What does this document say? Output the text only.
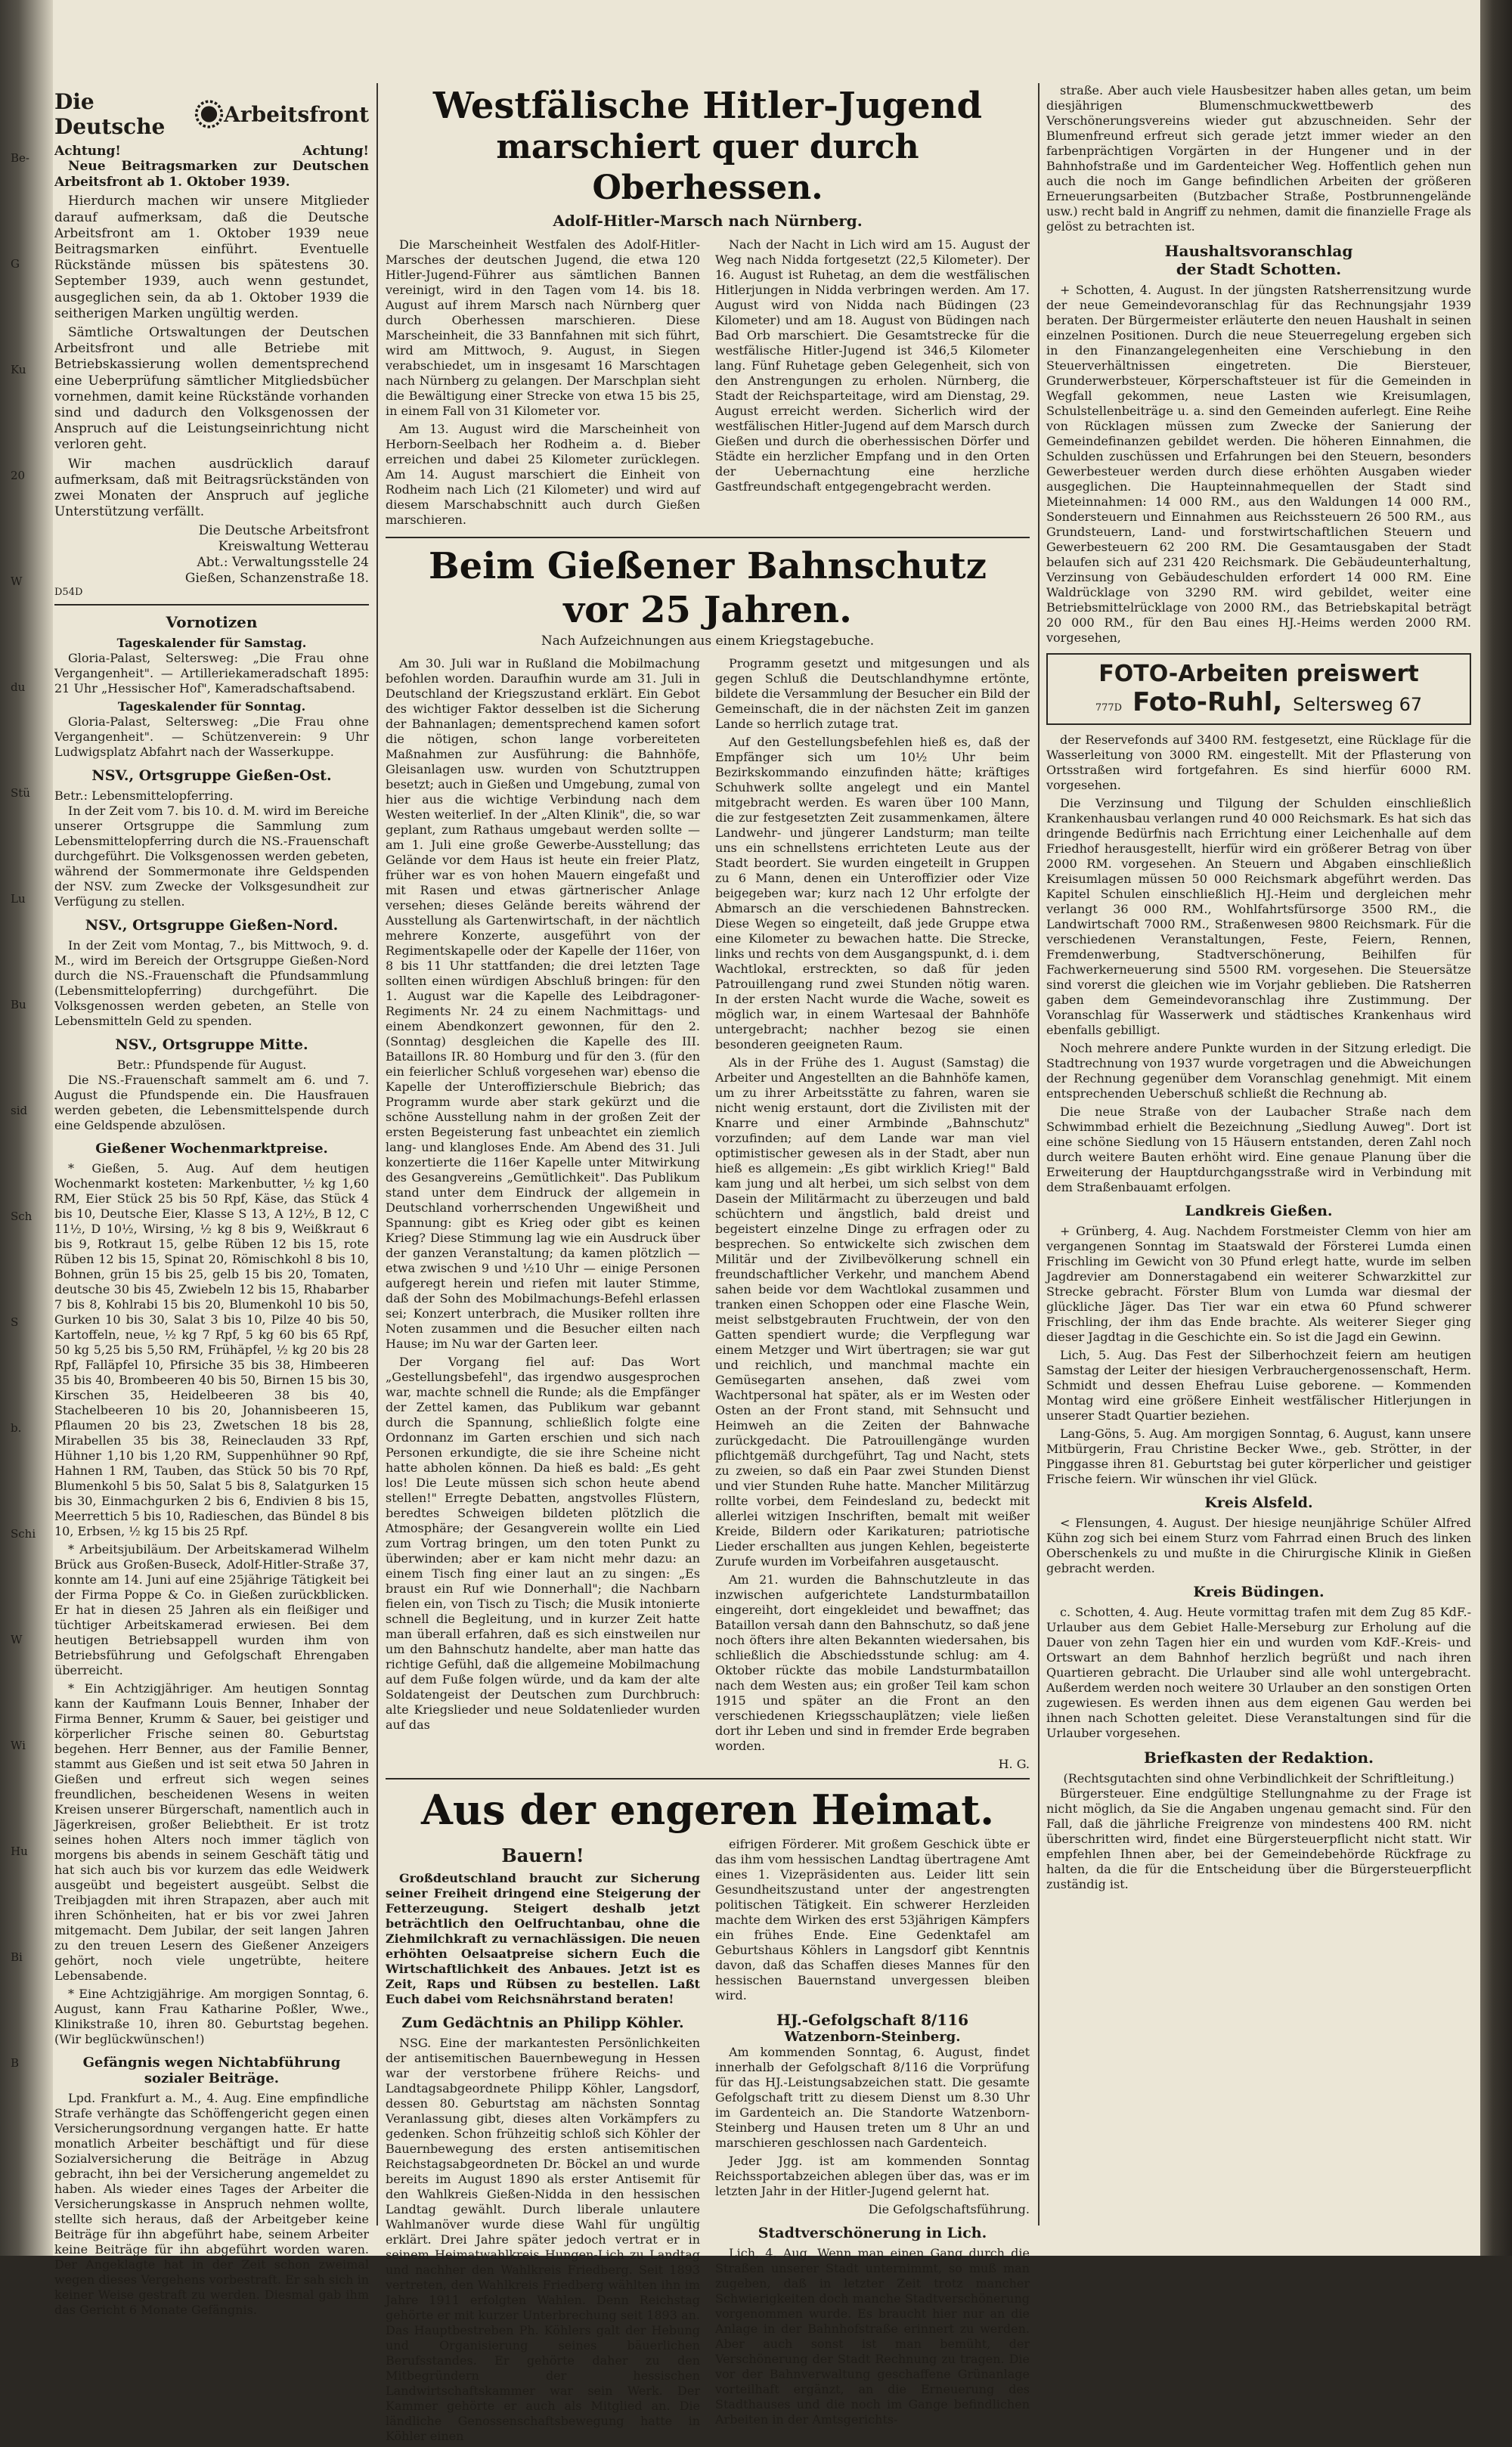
Die Deutsche	Arbeitsfront
Achtung!	Achtung!

Neue Beitragsmarken zur Deutschen Arbeitsfront ab 1. Oktober 1939.

Hierdurch machen wir unsere Mitglieder darauf aufmerksam, daß die Deutsche Arbeitsfront am 1. Oktober 1939 neue Beitragsmarken einführt. Eventuelle Rückstände müssen bis spätestens 30. September 1939, auch wenn gestundet, ausgeglichen sein, da ab 1. Oktober 1939 die seitherigen Marken ungültig werden.

Sämtliche Ortswaltungen der Deutschen Arbeitsfront und alle Betriebe mit Betriebskassierung wollen dementsprechend eine Ueberprüfung sämtlicher Mitgliedsbücher vornehmen, damit keine Rückstände vorhanden sind und dadurch den Volksgenossen der Anspruch auf die Leistungseinrichtung nicht verloren geht.

Wir machen ausdrücklich darauf aufmerksam, daß mit Beitragsrückständen von zwei Monaten der Anspruch auf jegliche Unterstützung verfällt.

Die Deutsche Arbeitsfront
Kreiswaltung Wetterau
Abt.: Verwaltungsstelle 24
Gießen, Schanzenstraße 18.
D54D
Vornotizen
Tageskalender für Samstag.

Gloria-Palast, Seltersweg: „Die Frau ohne Vergangenheit". — Artilleriekameradschaft 1895: 21 Uhr „Hessischer Hof", Kameradschaftsabend.

Tageskalender für Sonntag.

Gloria-Palast, Seltersweg: „Die Frau ohne Vergangenheit". — Schützenverein: 9 Uhr Ludwigsplatz Abfahrt nach der Wasserkuppe.

NSV., Ortsgruppe Gießen-Ost.
Betr.: Lebensmittelopferring.

In der Zeit vom 7. bis 10. d. M. wird im Bereiche unserer Ortsgruppe die Sammlung zum Lebensmittelopferring durch die NS.-Frauenschaft durchgeführt. Die Volksgenossen werden gebeten, während der Sommermonate ihre Geldspenden der NSV. zum Zwecke der Volksgesundheit zur Verfügung zu stellen.

NSV., Ortsgruppe Gießen-Nord.

In der Zeit vom Montag, 7., bis Mittwoch, 9. d. M., wird im Bereich der Ortsgruppe Gießen-Nord durch die NS.-Frauenschaft die Pfundsammlung (Lebensmittelopferring) durchgeführt. Die Volksgenossen werden gebeten, an Stelle von Lebensmitteln Geld zu spenden.

NSV., Ortsgruppe Mitte.
Betr.: Pfundspende für August.

Die NS.-Frauenschaft sammelt am 6. und 7. August die Pfundspende ein. Die Hausfrauen werden gebeten, die Lebensmittelspende durch eine Geldspende abzulösen.

Gießener Wochenmarktpreise.

* Gießen, 5. Aug. Auf dem heutigen Wochenmarkt kosteten: Markenbutter, ½ kg 1,60 RM, Eier Stück 25 bis 50 Rpf, Käse, das Stück 4 bis 10, Deutsche Eier, Klasse S 13, A 12½, B 12, C 11½, D 10½, Wirsing, ½ kg 8 bis 9, Weißkraut 6 bis 9, Rotkraut 15, gelbe Rüben 12 bis 15, rote Rüben 12 bis 15, Spinat 20, Römischkohl 8 bis 10, Bohnen, grün 15 bis 25, gelb 15 bis 20, Tomaten, deutsche 30 bis 45, Zwiebeln 12 bis 15, Rhabarber 7 bis 8, Kohlrabi 15 bis 20, Blumenkohl 10 bis 50, Gurken 10 bis 30, Salat 3 bis 10, Pilze 40 bis 50, Kartoffeln, neue, ½ kg 7 Rpf, 5 kg 60 bis 65 Rpf, 50 kg 5,25 bis 5,50 RM, Frühäpfel, ½ kg 20 bis 28 Rpf, Falläpfel 10, Pfirsiche 35 bis 38, Himbeeren 35 bis 40, Brombeeren 40 bis 50, Birnen 15 bis 30, Kirschen 35, Heidelbeeren 38 bis 40, Stachelbeeren 10 bis 20, Johannisbeeren 15, Pflaumen 20 bis 23, Zwetschen 18 bis 28, Mirabellen 35 bis 38, Reineclauden 33 Rpf, Hühner 1,10 bis 1,20 RM, Suppenhühner 90 Rpf, Hahnen 1 RM, Tauben, das Stück 50 bis 70 Rpf, Blumenkohl 5 bis 50, Salat 5 bis 8, Salatgurken 15 bis 30, Einmachgurken 2 bis 6, Endivien 8 bis 15, Meerrettich 5 bis 10, Radieschen, das Bündel 8 bis 10, Erbsen, ½ kg 15 bis 25 Rpf.

* Arbeitsjubiläum. Der Arbeitskamerad Wilhelm Brück aus Großen-Buseck, Adolf-Hitler-Straße 37, konnte am 14. Juni auf eine 25jährige Tätigkeit bei der Firma Poppe & Co. in Gießen zurückblicken. Er hat in diesen 25 Jahren als ein fleißiger und tüchtiger Arbeitskamerad erwiesen. Bei dem heutigen Betriebsappell wurden ihm von Betriebsführung und Gefolgschaft Ehrengaben überreicht.

* Ein Achtzigjähriger. Am heutigen Sonntag kann der Kaufmann Louis Benner, Inhaber der Firma Benner, Krumm & Sauer, bei geistiger und körperlicher Frische seinen 80. Geburtstag begehen. Herr Benner, aus der Familie Benner, stammt aus Gießen und ist seit etwa 50 Jahren in Gießen und erfreut sich wegen seines freundlichen, bescheidenen Wesens in weiten Kreisen unserer Bürgerschaft, namentlich auch in Jägerkreisen, großer Beliebtheit. Er ist trotz seines hohen Alters noch immer täglich von morgens bis abends in seinem Geschäft tätig und hat sich auch bis vor kurzem das edle Weidwerk ausgeübt und begeistert ausgeübt. Selbst die Treibjagden mit ihren Strapazen, aber auch mit ihren Schönheiten, hat er bis vor zwei Jahren mitgemacht. Dem Jubilar, der seit langen Jahren zu den treuen Lesern des Gießener Anzeigers gehört, noch viele ungetrübte, heitere Lebensabende.

* Eine Achtzigjährige. Am morgigen Sonntag, 6. August, kann Frau Katharine Poßler, Wwe., Klinikstraße 10, ihren 80. Geburtstag begehen. (Wir beglückwünschen!)

Gefängnis wegen Nichtabführung sozialer Beiträge.

Lpd. Frankfurt a. M., 4. Aug. Eine empfindliche Strafe verhängte das Schöffengericht gegen einen Versicherungsordnung vergangen hatte. Er hatte monatlich Arbeiter beschäftigt und für diese Sozialversicherung die Beiträge in Abzug gebracht, ihn bei der Versicherung angemeldet zu haben. Als wieder eines Tages der Arbeiter die Versicherungskasse in Anspruch nehmen wollte, stellte sich heraus, daß der Arbeitgeber keine Beiträge für ihn abgeführt habe, seinem Arbeiter keine Beiträge für ihn abgeführt worden waren. Der Angeklagte hat in der Zeit schon zweimal wegen dieses Vergehens vorbestraft. Er sah sich in keiner Weise gestraft zu werden. Diesmal gab ihm das Gericht 6 Monate Gefängnis.

Westfälische Hitler-Jugend
marschiert quer durch Oberhessen.
Adolf-Hitler-Marsch nach Nürnberg.

Die Marscheinheit Westfalen des Adolf-Hitler-Marsches der deutschen Jugend, die etwa 120 Hitler-Jugend-Führer aus sämtlichen Bannen vereinigt, wird in den Tagen vom 14. bis 18. August auf ihrem Marsch nach Nürnberg quer durch Oberhessen marschieren. Diese Marscheinheit, die 33 Bannfahnen mit sich führt, wird am Mittwoch, 9. August, in Siegen verabschiedet, um in insgesamt 16 Marschtagen nach Nürnberg zu gelangen. Der Marschplan sieht die Bewältigung einer Strecke von etwa 15 bis 25, in einem Fall von 31 Kilometer vor.

Am 13. August wird die Marscheinheit von Herborn-Seelbach her Rodheim a. d. Bieber erreichen und dabei 25 Kilometer zurücklegen. Am 14. August marschiert die Einheit von Rodheim nach Lich (21 Kilometer) und wird auf diesem Marschabschnitt auch durch Gießen marschieren.

Nach der Nacht in Lich wird am 15. August der Weg nach Nidda fortgesetzt (22,5 Kilometer). Der 16. August ist Ruhetag, an dem die westfälischen Hitlerjungen in Nidda verbringen werden. Am 17. August wird von Nidda nach Büdingen (23 Kilometer) und am 18. August von Büdingen nach Bad Orb marschiert. Die Gesamtstrecke für die westfälische Hitler-Jugend ist 346,5 Kilometer lang. Fünf Ruhetage geben Gelegenheit, sich von den Anstrengungen zu erholen. Nürnberg, die Stadt der Reichsparteitage, wird am Dienstag, 29. August erreicht werden. Sicherlich wird der westfälischen Hitler-Jugend auf dem Marsch durch Gießen und durch die oberhessischen Dörfer und Städte ein herzlicher Empfang und in den Orten der Uebernachtung eine herzliche Gastfreundschaft entgegengebracht werden.

Beim Gießener Bahnschutz
vor 25 Jahren.
Nach Aufzeichnungen aus einem Kriegstagebuche.

Am 30. Juli war in Rußland die Mobilmachung befohlen worden. Daraufhin wurde am 31. Juli in Deutschland der Kriegszustand erklärt. Ein Gebot des wichtiger Faktor desselben ist die Sicherung der Bahnanlagen; dementsprechend kamen sofort die nötigen, schon lange vorbereiteten Maßnahmen zur Ausführung: die Bahnhöfe, Gleisanlagen usw. wurden von Schutztruppen besetzt; auch in Gießen und Umgebung, zumal von hier aus die wichtige Verbindung nach dem Westen weiterlief. In der „Alten Klinik", die, so war geplant, zum Rathaus umgebaut werden sollte — am 1. Juli eine große Gewerbe-Ausstellung; das Gelände vor dem Haus ist heute ein freier Platz, früher war es von hohen Mauern eingefaßt und mit Rasen und etwas gärtnerischer Anlage versehen; dieses Gelände bereits während der Ausstellung als Gartenwirtschaft, in der nächtlich mehrere Konzerte, ausgeführt von der Regimentskapelle oder der Kapelle der 116er, von 8 bis 11 Uhr stattfanden; die drei letzten Tage sollten einen würdigen Abschluß bringen: für den 1. August war die Kapelle des Leibdragoner-Regiments Nr. 24 zu einem Nachmittags- und einem Abendkonzert gewonnen, für den 2. (Sonntag) desgleichen die Kapelle des III. Bataillons IR. 80 Homburg und für den 3. (für den ein feierlicher Schluß vorgesehen war) ebenso die Kapelle der Unteroffizierschule Biebrich; das Programm wurde aber stark gekürzt und die schöne Ausstellung nahm in der großen Zeit der ersten Begeisterung fast unbeachtet ein ziemlich lang- und klangloses Ende. Am Abend des 31. Juli konzertierte die 116er Kapelle unter Mitwirkung des Gesangvereins „Gemütlichkeit". Das Publikum stand unter dem Eindruck der allgemein in Deutschland vorherrschenden Ungewißheit und Spannung: gibt es Krieg oder gibt es keinen Krieg? Diese Stimmung lag wie ein Ausdruck über der ganzen Veranstaltung; da kamen plötzlich — etwa zwischen 9 und ½10 Uhr — einige Personen aufgeregt herein und riefen mit lauter Stimme, daß der Sohn des Mobilmachungs-Befehl erlassen sei; Konzert unterbrach, die Musiker rollten ihre Noten zusammen und die Besucher eilten nach Hause; im Nu war der Garten leer.

Der Vorgang fiel auf: Das Wort „Gestellungsbefehl", das irgendwo ausgesprochen war, machte schnell die Runde; als die Empfänger der Zettel kamen, das Publikum war gebannt durch die Spannung, schließlich folgte eine Ordonnanz im Garten erschien und sich nach Personen erkundigte, die sie ihre Scheine nicht hatte abholen können. Da hieß es bald: „Es geht los! Die Leute müssen sich schon heute abend stellen!" Erregte Debatten, angstvolles Flüstern, beredtes Schweigen bildeten plötzlich die Atmosphäre; der Gesangverein wollte ein Lied zum Vortrag bringen, um den toten Punkt zu überwinden; aber er kam nicht mehr dazu: an einem Tisch fing einer laut an zu singen: „Es braust ein Ruf wie Donnerhall"; die Nachbarn fielen ein, von Tisch zu Tisch; die Musik intonierte schnell die Begleitung, und in kurzer Zeit hatte man überall erfahren, daß es sich einstweilen nur um den Bahnschutz handelte, aber man hatte das richtige Gefühl, daß die allgemeine Mobilmachung auf dem Fuße folgen würde, und da kam der alte Soldatengeist der Deutschen zum Durchbruch: alte Kriegslieder und neue Soldatenlieder wurden auf das

Programm gesetzt und mitgesungen und als gegen Schluß die Deutschlandhymne ertönte, bildete die Versammlung der Besucher ein Bild der Gemeinschaft, die in der nächsten Zeit im ganzen Lande so herrlich zutage trat.

Auf den Gestellungsbefehlen hieß es, daß der Empfänger sich um 10½ Uhr beim Bezirkskommando einzufinden hätte; kräftiges Schuhwerk sollte angelegt und ein Mantel mitgebracht werden. Es waren über 100 Mann, die zur festgesetzten Zeit zusammenkamen, ältere Landwehr- und jüngerer Landsturm; man teilte uns ein schnellstens errichteten Leute aus der Stadt beordert. Sie wurden eingeteilt in Gruppen zu 6 Mann, denen ein Unteroffizier oder Vize beigegeben war; kurz nach 12 Uhr erfolgte der Abmarsch an die verschiedenen Bahnstrecken. Diese Wegen so eingeteilt, daß jede Gruppe etwa eine Kilometer zu bewachen hatte. Die Strecke, links und rechts von dem Ausgangspunkt, d. i. dem Wachtlokal, erstreckten, so daß für jeden Patrouillengang rund zwei Stunden nötig waren. In der ersten Nacht wurde die Wache, soweit es möglich war, in einem Wartesaal der Bahnhöfe untergebracht; nachher bezog sie einen besonderen geeigneten Raum.

Als in der Frühe des 1. August (Samstag) die Arbeiter und Angestellten an die Bahnhöfe kamen, um zu ihrer Arbeitsstätte zu fahren, waren sie nicht wenig erstaunt, dort die Zivilisten mit der Knarre und einer Armbinde „Bahnschutz" vorzufinden; auf dem Lande war man viel optimistischer gewesen als in der Stadt, aber nun hieß es allgemein: „Es gibt wirklich Krieg!" Bald kam jung und alt herbei, um sich selbst von dem Dasein der Militärmacht zu überzeugen und bald schüchtern und ängstlich, bald dreist und begeistert einzelne Dinge zu erfragen oder zu besprechen. So entwickelte sich zwischen dem Militär und der Zivilbevölkerung schnell ein freundschaftlicher Verkehr, und manchem Abend sahen beide vor dem Wachtlokal zusammen und tranken einen Schoppen oder eine Flasche Wein, meist selbstgebrauten Fruchtwein, der von den Gatten spendiert wurde; die Verpflegung war einem Metzger und Wirt übertragen; sie war gut und reichlich, und manchmal machte ein Gemüsegarten ansehen, daß zwei vom Wachtpersonal hat später, als er im Westen oder Osten an der Front stand, mit Sehnsucht und Heimweh an die Zeiten der Bahnwache zurückgedacht. Die Patrouillengänge wurden pflichtgemäß durchgeführt, Tag und Nacht, stets zu zweien, so daß ein Paar zwei Stunden Dienst und vier Stunden Ruhe hatte. Mancher Militärzug rollte vorbei, dem Feindesland zu, bedeckt mit allerlei witzigen Inschriften, bemalt mit weißer Kreide, Bildern oder Karikaturen; patriotische Lieder erschallten aus jungen Kehlen, begeisterte Zurufe wurden im Vorbeifahren ausgetauscht.

Am 21. wurden die Bahnschutzleute in das inzwischen aufgerichtete Landsturmbataillon eingereiht, dort eingekleidet und bewaffnet; das Bataillon versah dann den Bahnschutz, so daß jene noch öfters ihre alten Bekannten wiedersahen, bis schließlich die Abschiedsstunde schlug: am 4. Oktober rückte das mobile Landsturmbataillon nach dem Westen aus; ein großer Teil kam schon 1915 und später an die Front an den verschiedenen Kriegsschauplätzen; viele ließen dort ihr Leben und sind in fremder Erde begraben worden.

H. G.
Aus der engeren Heimat.
Bauern!

Großdeutschland braucht zur Sicherung seiner Freiheit dringend eine Steigerung der Fetterzeugung. Steigert deshalb jetzt beträchtlich den Oelfruchtanbau, ohne die Ziehmilchkraft zu vernachlässigen. Die neuen erhöhten Oelsaatpreise sichern Euch die Wirtschaftlichkeit des Anbaues. Jetzt ist es Zeit, Raps und Rübsen zu bestellen. Laßt Euch dabei vom Reichsnährstand beraten!

Zum Gedächtnis an Philipp Köhler.

NSG. Eine der markantesten Persönlichkeiten der antisemitischen Bauernbewegung in Hessen war der verstorbene frühere Reichs- und Landtagsabgeordnete Philipp Köhler, Langsdorf, dessen 80. Geburtstag am nächsten Sonntag Veranlassung gibt, dieses alten Vorkämpfers zu gedenken. Schon frühzeitig schloß sich Köhler der Bauernbewegung des ersten antisemitischen Reichstagsabgeordneten Dr. Böckel an und wurde bereits im August 1890 als erster Antisemit für den Wahlkreis Gießen-Nidda in den hessischen Landtag gewählt. Durch liberale unlautere Wahlmanöver wurde diese Wahl für ungültig erklärt. Drei Jahre später jedoch vertrat er in seinem Heimatwahlkreis Hungen-Lich zu Landtag und nachher den Wahlkreis Friedberg. Seit 1893 vertreten, den Wahlkreis Friedberg wählten ihn im Jahre 1911 erfolgten Wahlen. Denn Reichstag gehörte er mit kurzer Unterbrechung seit 1893 an. Das Hauptbestreben Ph. Köhlers galt der Hebung und Organisierung seines bäuerlichen Berufsstandes. Er gehörte daher zu den Mitbegründern der hessischen Landwirtschaftskammer war sein Werk. Der Kammer gehörte er auch als Mitglied an. Die ländliche Genossenschaftsbewegung hatte in Köhler einen

eifrigen Förderer. Mit großem Geschick übte er das ihm vom hessischen Landtag übertragene Amt eines 1. Vizepräsidenten aus. Leider litt sein Gesundheitszustand unter der angestrengten politischen Tätigkeit. Ein schwerer Herzleiden machte dem Wirken des erst 53jährigen Kämpfers ein frühes Ende. Eine Gedenktafel am Geburtshaus Köhlers in Langsdorf gibt Kenntnis davon, daß das Schaffen dieses Mannes für den hessischen Bauernstand unvergessen bleiben wird.

HJ.-Gefolgschaft 8/116
Watzenborn-Steinberg.

Am kommenden Sonntag, 6. August, findet innerhalb der Gefolgschaft 8/116 die Vorprüfung für das HJ.-Leistungsabzeichen statt. Die gesamte Gefolgschaft tritt zu diesem Dienst um 8.30 Uhr im Gardenteich an. Die Standorte Watzenborn-Steinberg und Hausen treten um 8 Uhr an und marschieren geschlossen nach Gardenteich.

Jeder Jgg. ist am kommenden Sonntag Reichssportabzeichen ablegen über das, was er im letzten Jahr in der Hitler-Jugend gelernt hat.

Die Gefolgschaftsführung.
Stadtverschönerung in Lich.

Lich, 4. Aug. Wenn man einen Gang durch die Straßen unserer Stadt unternimmt, so muß man zugeben, daß in letzter Zeit trotz mancher Schwierigkeiten doch manche Stadtverschönerung vorgenommen wurde. Es braucht hier nur an die Anlage in der Bahnhofstraße erinnert zu werden. Aber auch sonst ist man bemüht, der Verschönerung der Stadt Rechnung zu tragen. Die vor der Bahnverwaltung geschaffene Grünanlage vorteilhaft ergänzt, an die Erneuerung des Stadthauses und die noch im Gange befindlichen Arbeiten in der Amtsgerichts-

straße. Aber auch viele Hausbesitzer haben alles getan, um beim diesjährigen Blumenschmuckwettbewerb des Verschönerungsvereins wieder gut abzuschneiden. Sehr der Blumenfreund erfreut sich gerade jetzt immer wieder an den farbenprächtigen Vorgärten in der Hungener und in der Bahnhofstraße und im Gardenteicher Weg. Hoffentlich gehen nun auch die noch im Gange befindlichen Arbeiten der größeren Erneuerungsarbeiten (Butzbacher Straße, Postbrunnengelände usw.) recht bald in Angriff zu nehmen, damit die finanzielle Frage als gelöst zu betrachten ist.

Haushaltsvoranschlag
der Stadt Schotten.

+ Schotten, 4. August. In der jüngsten Ratsherrensitzung wurde der neue Gemeindevoranschlag für das Rechnungsjahr 1939 beraten. Der Bürgermeister erläuterte den neuen Haushalt in seinen einzelnen Positionen. Durch die neue Steuerregelung ergeben sich in den Finanzangelegenheiten eine Verschiebung in den Steuerverhältnissen eingetreten. Die Biersteuer, Grunderwerbsteuer, Körperschaftsteuer ist für die Gemeinden in Wegfall gekommen, neue Lasten wie Kreisumlagen, Schulstellenbeiträge u. a. sind den Gemeinden auferlegt. Eine Reihe von Rücklagen müssen zum Zwecke der Sanierung der Gemeindefinanzen gebildet werden. Die höheren Einnahmen, die Schulden zuschüssen und Erfahrungen bei den Steuern, besonders Gewerbesteuer werden durch diese erhöhten Ausgaben wieder ausgeglichen. Die Haupteinnahmequellen der Stadt sind Mieteinnahmen: 14 000 RM., aus den Waldungen 14 000 RM., Sondersteuern und Einnahmen aus Reichssteuern 26 500 RM., aus Grundsteuern, Land- und forstwirtschaftlichen Steuern und Gewerbesteuern 62 200 RM. Die Gesamtausgaben der Stadt belaufen sich auf 231 420 Reichsmark. Die Gebäudeunterhaltung, Verzinsung von Gebäudeschulden erfordert 14 000 RM. Eine Waldrücklage von 3290 RM. wird gebildet, weiter eine Betriebsmittelrücklage von 2000 RM., das Betriebskapital beträgt 20 000 RM., für den Bau eines HJ.-Heims werden 2000 RM. vorgesehen,

FOTO-Arbeiten preiswert
777D Foto-Ruhl, Seltersweg 67

der Reservefonds auf 3400 RM. festgesetzt, eine Rücklage für die Wasserleitung von 3000 RM. eingestellt. Mit der Pflasterung von Ortsstraßen wird fortgefahren. Es sind hierfür 6000 RM. vorgesehen.

Die Verzinsung und Tilgung der Schulden einschließlich Krankenhausbau verlangen rund 40 000 Reichsmark. Es hat sich das dringende Bedürfnis nach Errichtung einer Leichenhalle auf dem Friedhof herausgestellt, hierfür wird ein größerer Betrag von über 2000 RM. vorgesehen. An Steuern und Abgaben einschließlich Kreisumlagen müssen 50 000 Reichsmark abgeführt werden. Das Kapitel Schulen einschließlich HJ.-Heim und dergleichen mehr verlangt 36 000 RM., Wohlfahrtsfürsorge 3500 RM., die Landwirtschaft 7000 RM., Straßenwesen 9800 Reichsmark. Für die verschiedenen Veranstaltungen, Feste, Feiern, Rennen, Fremdenwerbung, Stadtverschönerung, Beihilfen für Fachwerkerneuerung sind 5500 RM. vorgesehen. Die Steuersätze sind vorerst die gleichen wie im Vorjahr geblieben. Die Ratsherren gaben dem Gemeindevoranschlag ihre Zustimmung. Der Voranschlag für Wasserwerk und städtisches Krankenhaus wird ebenfalls gebilligt.

Noch mehrere andere Punkte wurden in der Sitzung erledigt. Die Stadtrechnung von 1937 wurde vorgetragen und die Abweichungen der Rechnung gegenüber dem Voranschlag genehmigt. Mit einem entsprechenden Ueberschuß schließt die Rechnung ab.

Die neue Straße von der Laubacher Straße nach dem Schwimmbad erhielt die Bezeichnung „Siedlung Auweg". Dort ist eine schöne Siedlung von 15 Häusern entstanden, deren Zahl noch durch weitere Bauten erhöht wird. Eine genaue Planung über die Erweiterung der Hauptdurchgangsstraße wird in Verbindung mit dem Straßenbauamt erfolgen.

Landkreis Gießen.

+ Grünberg, 4. Aug. Nachdem Forstmeister Clemm von hier am vergangenen Sonntag im Staatswald der Försterei Lumda einen Frischling im Gewicht von 30 Pfund erlegt hatte, wurde im selben Jagdrevier am Donnerstagabend ein weiterer Schwarzkittel zur Strecke gebracht. Förster Blum von Lumda war diesmal der glückliche Jäger. Das Tier war ein etwa 60 Pfund schwerer Frischling, der ihm das Ende brachte. Als weiterer Sieger ging dieser Jagdtag in die Geschichte ein. So ist die Jagd ein Gewinn.

Lich, 5. Aug. Das Fest der Silberhochzeit feiern am heutigen Samstag der Leiter der hiesigen Verbrauchergenossenschaft, Herm. Schmidt und dessen Ehefrau Luise geborene. — Kommenden Montag wird eine größere Einheit westfälischer Hitlerjungen in unserer Stadt Quartier beziehen.

Lang-Göns, 5. Aug. Am morgigen Sonntag, 6. August, kann unsere Mitbürgerin, Frau Christine Becker Wwe., geb. Strötter, in der Pinggasse ihren 81. Geburtstag bei guter körperlicher und geistiger Frische feiern. Wir wünschen ihr viel Glück.

Kreis Alsfeld.

< Flensungen, 4. August. Der hiesige neunjährige Schüler Alfred Kühn zog sich bei einem Sturz vom Fahrrad einen Bruch des linken Oberschenkels zu und mußte in die Chirurgische Klinik in Gießen gebracht werden.

Kreis Büdingen.

c. Schotten, 4. Aug. Heute vormittag trafen mit dem Zug 85 KdF.-Urlauber aus dem Gebiet Halle-Merseburg zur Erholung auf die Dauer von zehn Tagen hier ein und wurden vom KdF.-Kreis- und Ortswart an dem Bahnhof herzlich begrüßt und nach ihren Quartieren gebracht. Die Urlauber sind alle wohl untergebracht. Außerdem werden noch weitere 30 Urlauber an den sonstigen Orten zugewiesen. Es werden ihnen aus dem eigenen Gau werden bei ihnen nach Schotten geleitet. Diese Veranstaltungen sind für die Urlauber vorgesehen.

Briefkasten der Redaktion.
(Rechtsgutachten sind ohne Verbindlichkeit der Schriftleitung.)

Bürgersteuer. Eine endgültige Stellungnahme zu der Frage ist nicht möglich, da Sie die Angaben ungenau gemacht sind. Für den Fall, daß die jährliche Freigrenze von mindestens 400 RM. nicht überschritten wird, findet eine Bürgersteuerpflicht nicht statt. Wir empfehlen Ihnen aber, bei der Gemeindebehörde Rückfrage zu halten, da die für die Entscheidung über die Bürgersteuerpflicht zuständig ist.

Be-
G
Ku
20
W
du
Stü
Lu
Bu
sid
Sch
S
b.
Schi
W
Wi
Hu
Bi
B
